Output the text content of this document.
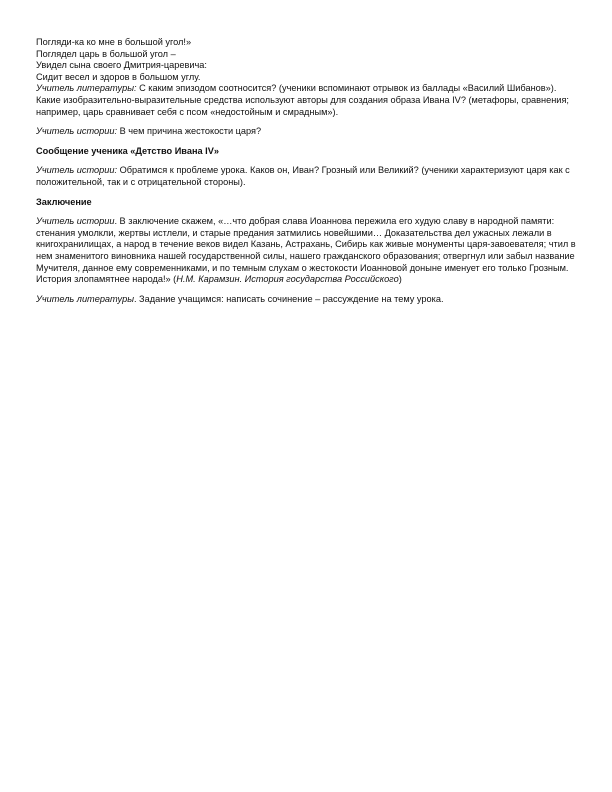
Погляди-ка ко мне в большой угол!»
Поглядел царь в большой угол –
Увидел сына своего Дмитрия-царевича:
Сидит весел и здоров в большом углу.

Учитель литературы: С каким эпизодом соотносится? (ученики вспоминают отрывок из баллады «Василий Шибанов»). Какие изобразительно-выразительные средства используют авторы для создания образа Ивана IV? (метафоры, сравнения; например, царь сравнивает себя с псом «недостойным и смрадным»).

Учитель истории: В чем причина жестокости царя?

Сообщение ученика «Детство Ивана IV»

Учитель истории: Обратимся к проблеме урока. Каков он, Иван? Грозный или Великий? (ученики характеризуют царя как с положительной, так и с отрицательной стороны).

Заключение

Учитель истории. В заключение скажем, «…что добрая слава Иоаннова пережила его худую славу в народной памяти: стенания умолкли, жертвы истлели, и старые предания затмились новейшими… Доказательства дел ужасных лежали в книгохранилищах, а народ в течение веков видел Казань, Астрахань, Сибирь как живые монументы царя-завоевателя; чтил в нем знаменитого виновника нашей государственной силы, нашего гражданского образования; отвергнул или забыл название Мучителя, данное ему современниками, и по темным слухам о жестокости Иоанновой доныне именует его только Грозным. История злопамятнее народа!» (Н.М. Карамзин. История государства Российского)

Учитель литературы. Задание учащимся: написать сочинение – рассуждение на тему урока.
